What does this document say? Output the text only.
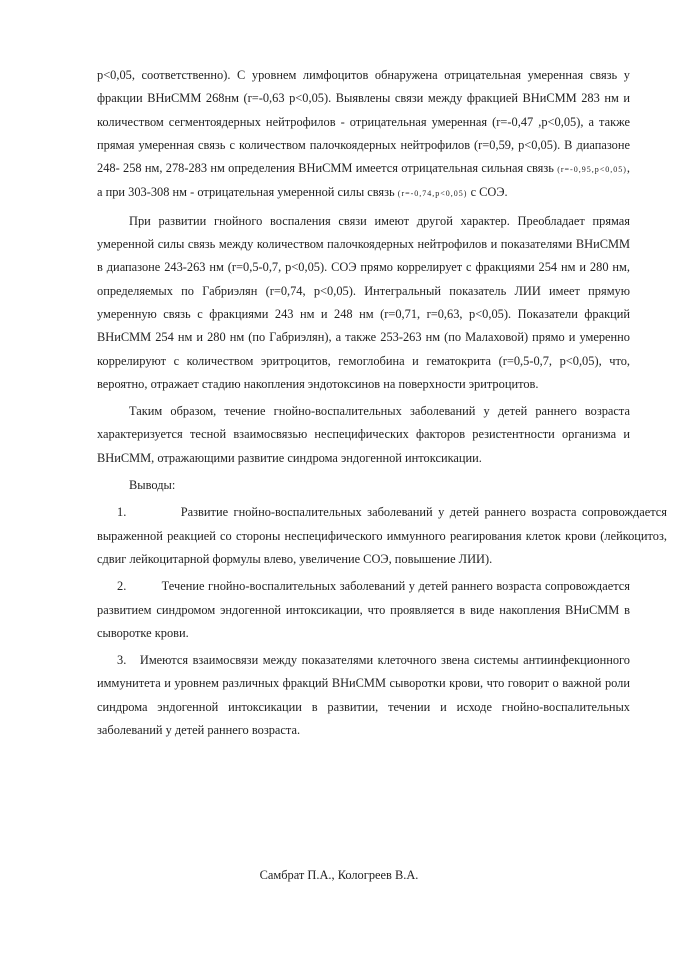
р<0,05, соответственно). С уровнем лимфоцитов обнаружена отрицательная умеренная связь у фракции ВНиСММ 268нм (r=-0,63 p<0,05). Выявлены связи между фракцией ВНиСММ 283 нм и количеством сегментоядерных нейтрофилов - отрицательная умеренная (r=-0,47 ,p<0,05), а также прямая умеренная связь с количеством палочкоядерных нейтрофилов (r=0,59, p<0,05). В диапазоне 248- 258 нм, 278-283 нм определения ВНиСММ имеется отрицательная сильная связь (r=-0,95,p<0,05), а при 303-308 нм - отрицательная умеренной силы связь (r=-0,74,p<0,05) с СОЭ.

При развитии гнойного воспаления связи имеют другой характер. Преобладает прямая умеренной силы связь между количеством палочкоядерных нейтрофилов и показателями ВНиСММ в диапазоне 243-263 нм (r=0,5-0,7, p<0,05). СОЭ прямо коррелирует с фракциями 254 нм и 280 нм, определяемых по Габриэлян (r=0,74, p<0,05). Интегральный показатель ЛИИ имеет прямую умеренную связь с фракциями 243 нм и 248 нм (r=0,71, r=0,63, p<0,05). Показатели фракций ВНиСММ 254 нм и 280 нм (по Габриэлян), а также 253-263 нм (по Малаховой) прямо и умеренно коррелируют с количеством эритроцитов, гемоглобина и гематокрита (r=0,5-0,7, p<0,05), что, вероятно, отражает стадию накопления эндотоксинов на поверхности эритроцитов.

Таким образом, течение гнойно-воспалительных заболеваний у детей раннего возраста характеризуется тесной взаимосвязью неспецифических факторов резистентности организма и ВНиСММ, отражающими развитие синдрома эндогенной интоксикации.

Выводы:

1.	Развитие гнойно-воспалительных заболеваний у детей раннего возраста сопровождается выраженной реакцией со стороны неспецифического иммунного реагирования клеток крови (лейкоцитоз, сдвиг лейкоцитарной формулы влево, увеличение СОЭ, повышение ЛИИ).

2.	Течение гнойно-воспалительных заболеваний у детей раннего возраста сопровождается развитием синдромом эндогенной интоксикации, что проявляется в виде накопления ВНиСММ в сыворотке крови.

3. Имеются взаимосвязи между показателями клеточного звена системы антиинфекционного иммунитета и уровнем различных фракций ВНиСММ сыворотки крови, что говорит о важной роли синдрома эндогенной интоксикации в развитии, течении и исходе гнойно-воспалительных заболеваний у детей раннего возраста.

Самбрат П.А., Кологреев В.А.
